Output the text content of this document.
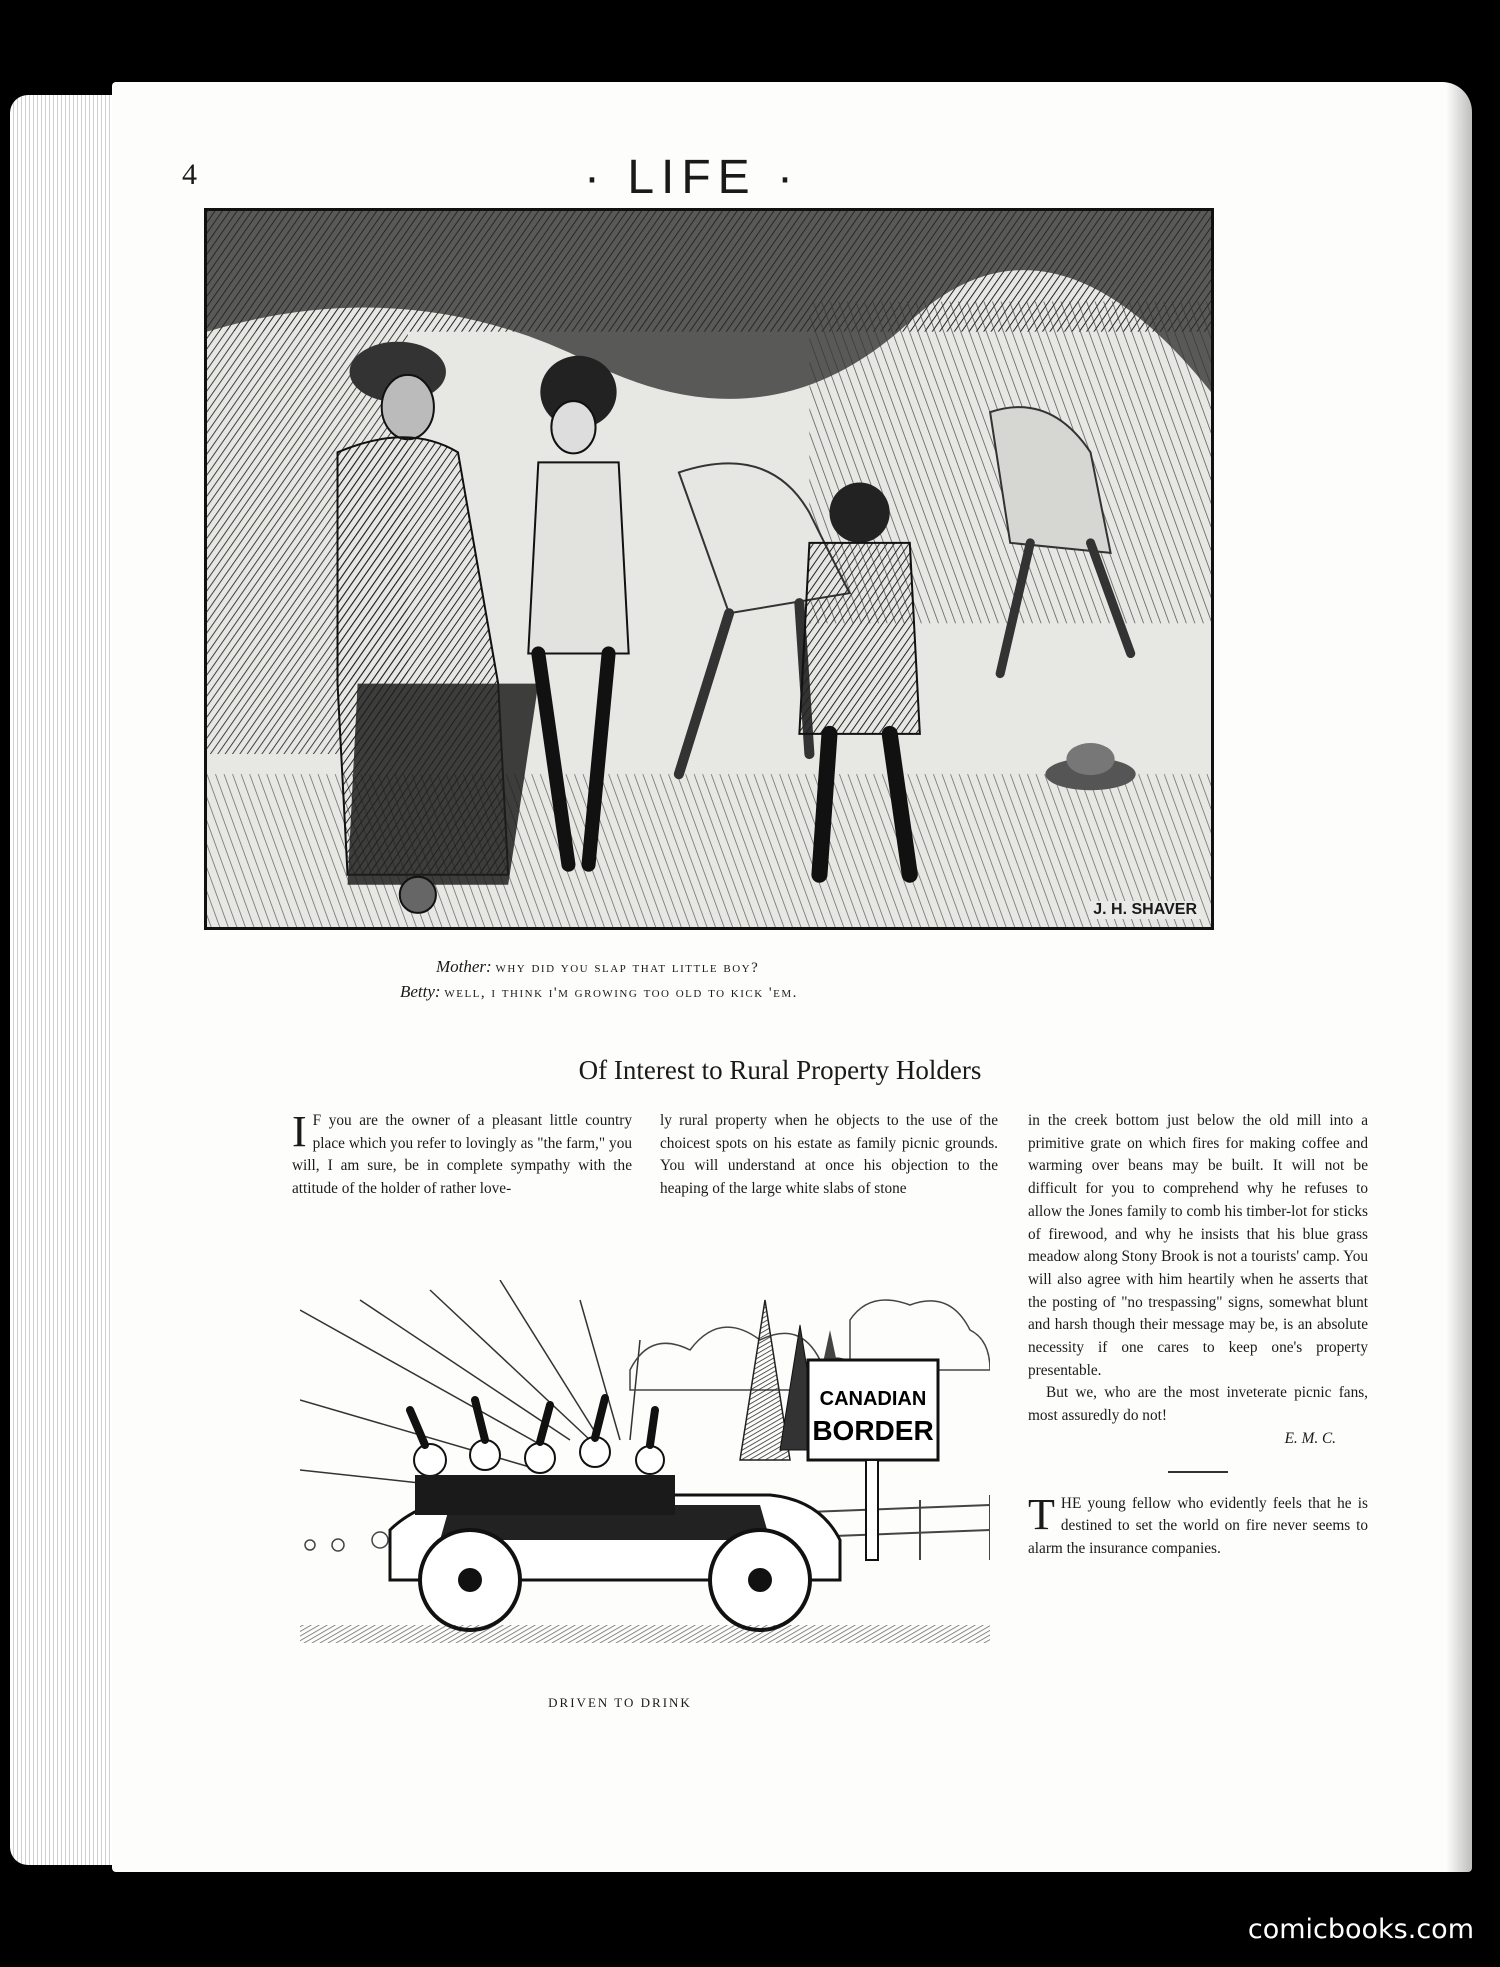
4	· LIFE ·
J. H. SHAVER
Mother: why did you slap that little boy?
Betty: well, i think i'm growing too old to kick 'em.
Of Interest to Rural Property Holders

I F you are the owner of a pleasant little country place which you refer to lovingly as "the farm," you will, I am sure, be in complete sympathy with the attitude of the holder of rather love-

ly rural property when he objects to the use of the choicest spots on his estate as family picnic grounds. You will understand at once his objection to the heaping of the large white slabs of stone

in the creek bottom just below the old mill into a primitive grate on which fires for making coffee and warming over beans may be built. It will not be difficult for you to comprehend why he refuses to allow the Jones family to comb his timber-lot for sticks of firewood, and why he insists that his blue grass meadow along Stony Brook is not a tourists' camp. You will also agree with him heartily when he asserts that the posting of "no trespassing" signs, somewhat blunt and harsh though their message may be, is an absolute necessity if one cares to keep one's property presentable.

But we, who are the most inveterate picnic fans, most assuredly do not!

E. M. C.

T HE young fellow who evidently feels that he is destined to set the world on fire never seems to alarm the insurance companies.

CANADIAN
BORDER
DRIVEN TO DRINK
comicbooks.com
